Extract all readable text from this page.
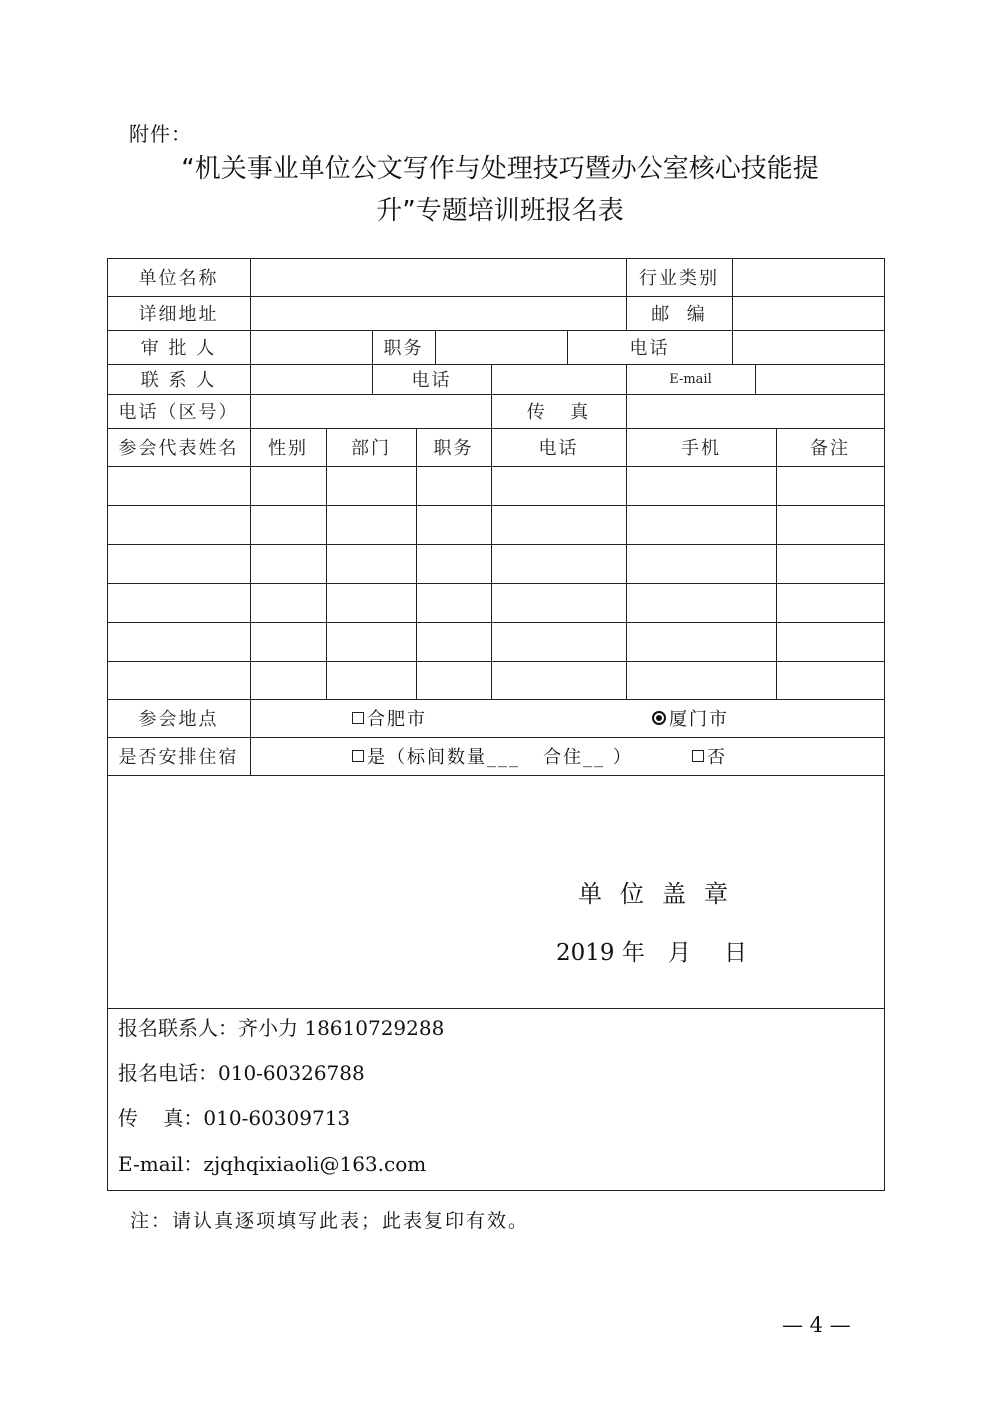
附件：
“机关事业单位公文写作与处理技巧暨办公室核心技能提
升”专题培训班报名表
单位名称	行业类别
详细地址	邮  编
审 批 人	职务	电话
联 系 人	电话	E-mail
电话（区号）	传   真
参会代表姓名	性别	部门	职务	电话	手机	备注
参会地点	合肥市	厦门市
是否安排住宿	是（标间数量___   合住__ ）	否
单位盖章
2019 年 月 日
报名联系人：齐小力 18610729288
报名电话：010-60326788
传    真：010-60309713
E-mail：zjqhqixiaoli@163.com
注：请认真逐项填写此表；此表复印有效。
— 4 —
